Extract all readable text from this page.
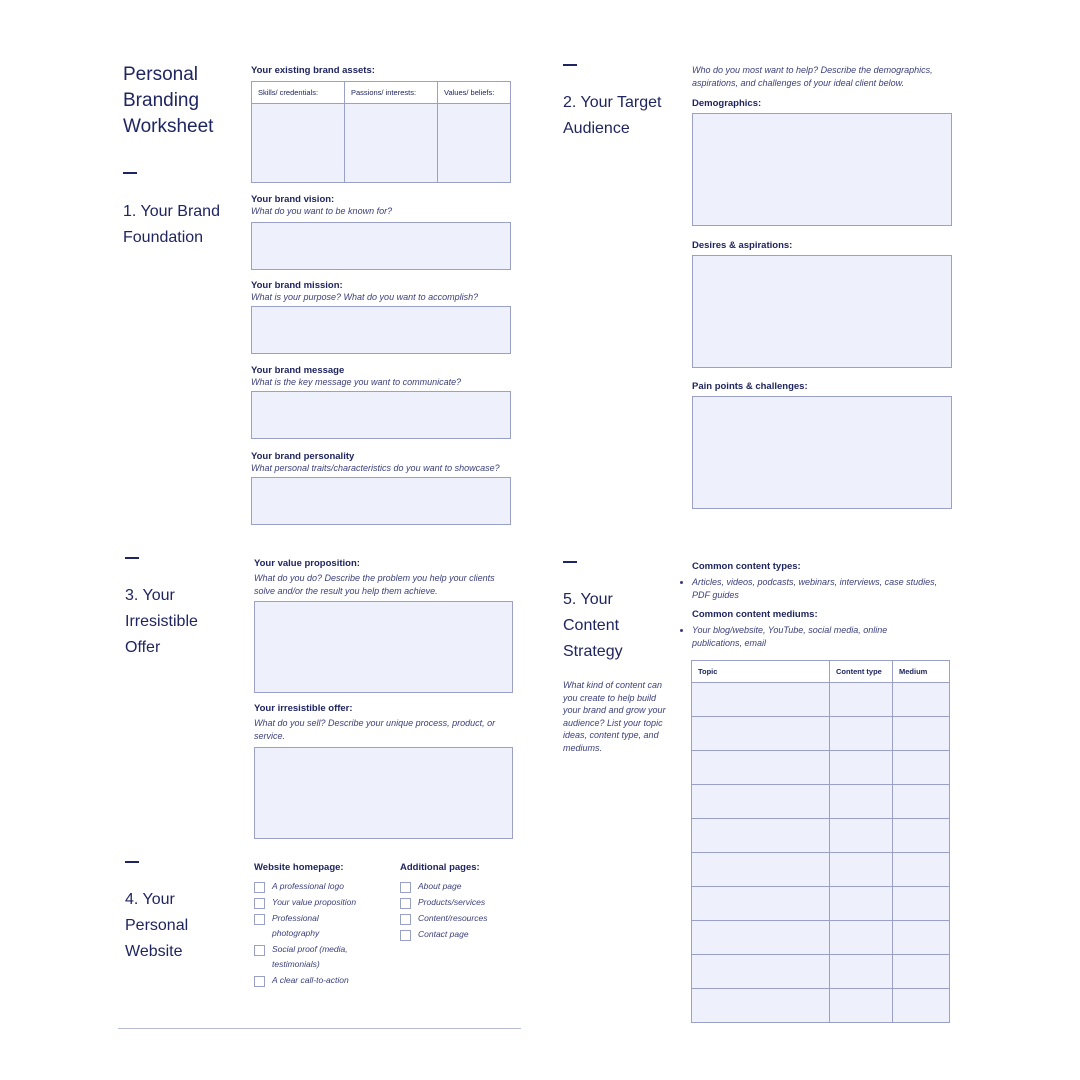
Personal
Branding
Worksheet
1. Your Brand
Foundation
Your existing brand assets:
Skills/ credentials:	Passions/ interests:	Values/ beliefs:

Your brand vision:
What do you want to be known for?
Your brand mission:
What is your purpose? What do you want to accomplish?
Your brand message
What is the key message you want to communicate?
Your brand personality
What personal traits/characteristics do you want to showcase?
2. Your Target
Audience
Who do you most want to help? Describe the demographics, aspirations, and challenges of your ideal client below.
Demographics:
Desires & aspirations:
Pain points & challenges:
3. Your
Irresistible
Offer
Your value proposition:
What do you do? Describe the problem you help your clients solve and/or the result you help them achieve.
Your irresistible offer:
What do you sell? Describe your unique process, product, or service.
4. Your
Personal
Website
Website homepage:
A professional logo
Your value proposition
Professional photography
Social proof (media, testimonials)
A clear call-to-action
Additional pages:
About page
Products/services
Content/resources
Contact page
5. Your
Content
Strategy
What kind of content can you create to help build your brand and grow your audience? List your topic ideas, content type, and mediums.
Common content types:
• Articles, videos, podcasts, webinars, interviews, case studies, PDF guides
Common content mediums:
• Your blog/website, YouTube, social media, online publications, email
Topic	Content type	Medium
